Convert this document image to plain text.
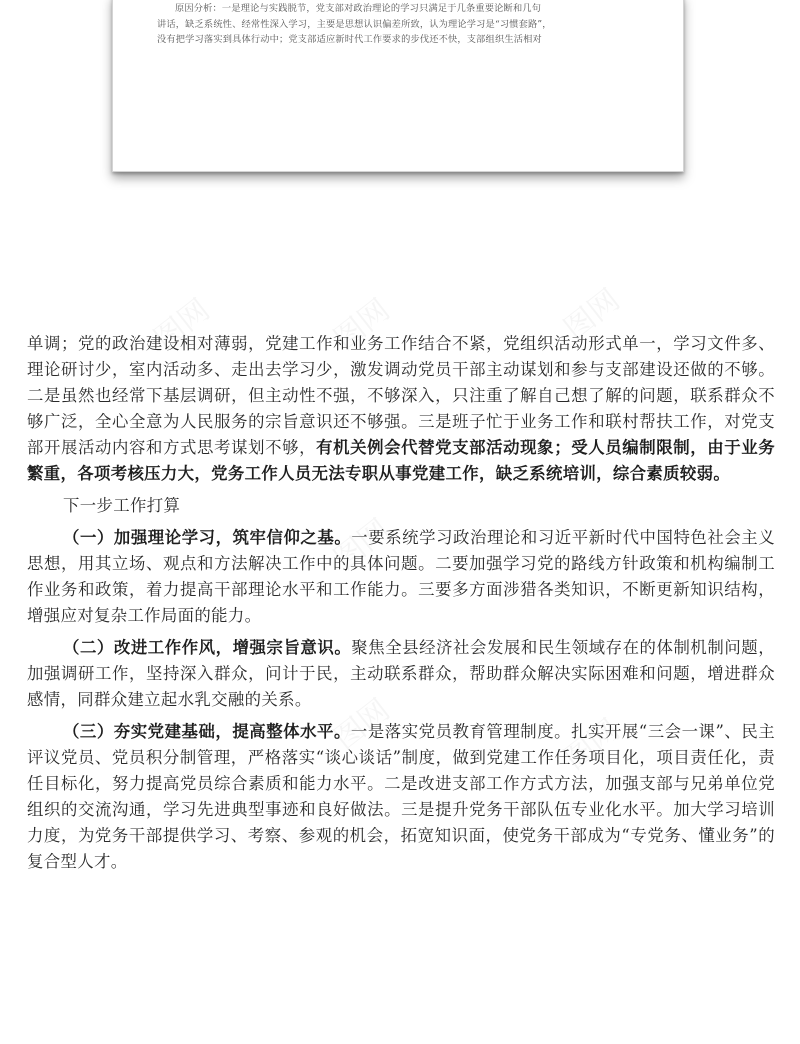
图网	图网	图网
图网
图网	图网

原因分析：一是理论与实践脱节，党支部对政治理论的学习只满足于几条重要论断和几句

讲话，缺乏系统性、经常性深入学习，主要是思想认识偏差所致，认为理论学习是“习惯套路”，

没有把学习落实到具体行动中；党支部适应新时代工作要求的步伐还不快，支部组织生活相对

单调；党的政治建设相对薄弱，党建工作和业务工作结合不紧，党组织活动形式单一，学习文件多、理论研讨少，室内活动多、走出去学习少，激发调动党员干部主动谋划和参与支部建设还做的不够。二是虽然也经常下基层调研，但主动性不强，不够深入，只注重了解自己想了解的问题，联系群众不够广泛，全心全意为人民服务的宗旨意识还不够强。三是班子忙于业务工作和联村帮扶工作，对党支部开展活动内容和方式思考谋划不够，有机关例会代替党支部活动现象；受人员编制限制，由于业务繁重，各项考核压力大，党务工作人员无法专职从事党建工作，缺乏系统培训，综合素质较弱。

下一步工作打算

（一）加强理论学习，筑牢信仰之基。一要系统学习政治理论和习近平新时代中国特色社会主义思想，用其立场、观点和方法解决工作中的具体问题。二要加强学习党的路线方针政策和机构编制工作业务和政策，着力提高干部理论水平和工作能力。三要多方面涉猎各类知识，不断更新知识结构，增强应对复杂工作局面的能力。

（二）改进工作作风，增强宗旨意识。聚焦全县经济社会发展和民生领域存在的体制机制问题，加强调研工作，坚持深入群众，问计于民，主动联系群众，帮助群众解决实际困难和问题，增进群众感情，同群众建立起水乳交融的关系。

（三）夯实党建基础，提高整体水平。一是落实党员教育管理制度。扎实开展“三会一课”、民主评议党员、党员积分制管理，严格落实“谈心谈话”制度，做到党建工作任务项目化，项目责任化，责任目标化，努力提高党员综合素质和能力水平。二是改进支部工作方式方法，加强支部与兄弟单位党组织的交流沟通，学习先进典型事迹和良好做法。三是提升党务干部队伍专业化水平。加大学习培训力度，为党务干部提供学习、考察、参观的机会，拓宽知识面，使党务干部成为“专党务、懂业务”的复合型人才。
